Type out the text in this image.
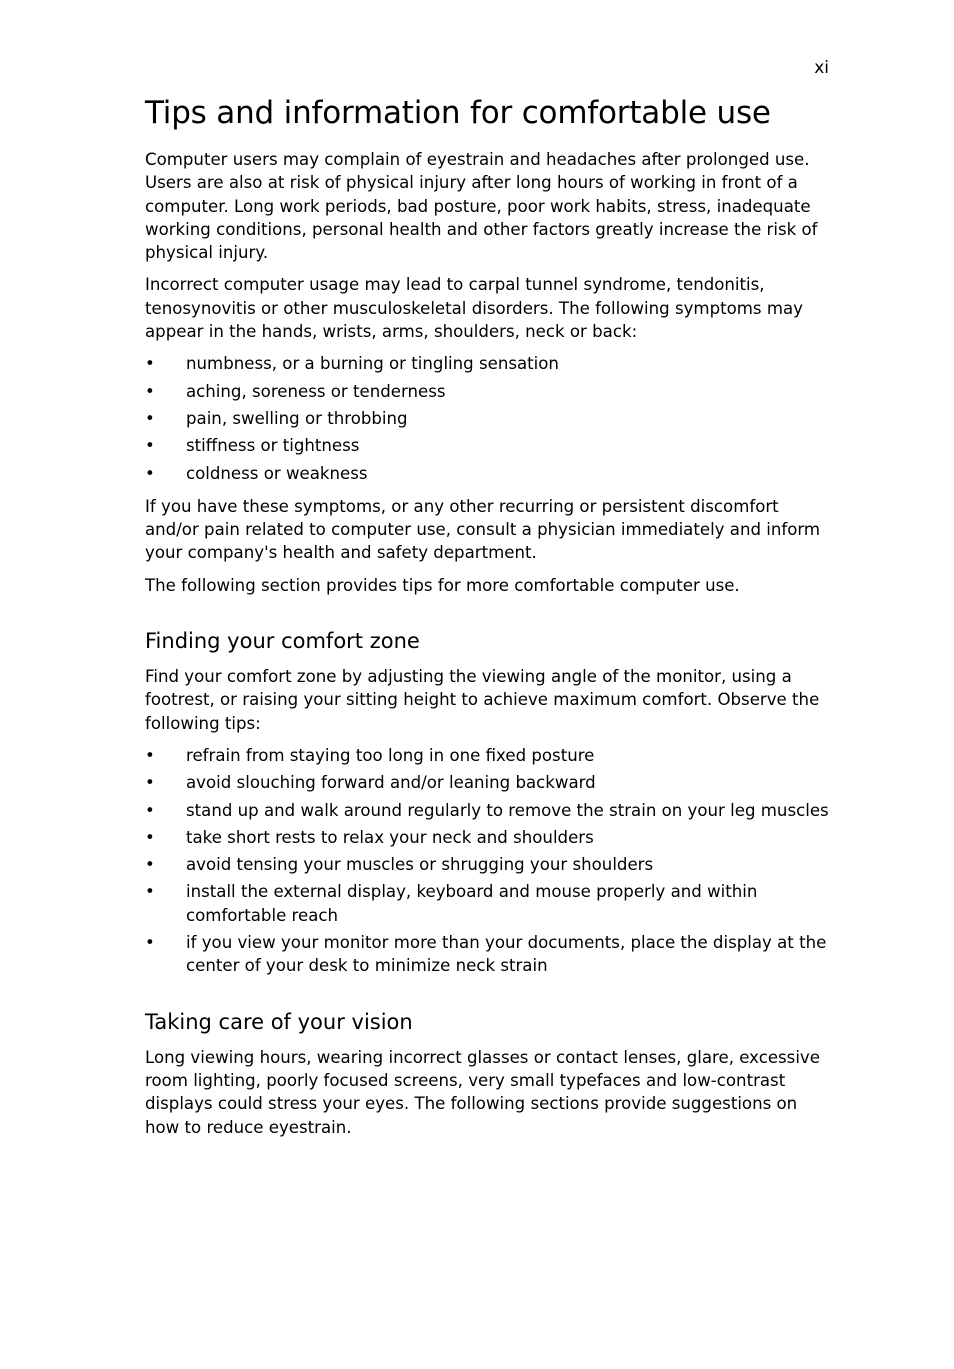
xi
Tips and information for comfortable use

Computer users may complain of eyestrain and headaches after prolonged use. Users are also at risk of physical injury after long hours of working in front of a computer. Long work periods, bad posture, poor work habits, stress, inadequate working conditions, personal health and other factors greatly increase the risk of physical injury.

Incorrect computer usage may lead to carpal tunnel syndrome, tendonitis, tenosynovitis or other musculoskeletal disorders. The following symptoms may appear in the hands, wrists, arms, shoulders, neck or back:

• numbness, or a burning or tingling sensation
• aching, soreness or tenderness
• pain, swelling or throbbing
• stiffness or tightness
• coldness or weakness

If you have these symptoms, or any other recurring or persistent discomfort and/or pain related to computer use, consult a physician immediately and inform your company's health and safety department.

The following section provides tips for more comfortable computer use.

Finding your comfort zone

Find your comfort zone by adjusting the viewing angle of the monitor, using a footrest, or raising your sitting height to achieve maximum comfort. Observe the following tips:

• refrain from staying too long in one fixed posture
• avoid slouching forward and/or leaning backward
• stand up and walk around regularly to remove the strain on your leg muscles
• take short rests to relax your neck and shoulders
• avoid tensing your muscles or shrugging your shoulders
• install the external display, keyboard and mouse properly and within comfortable reach
• if you view your monitor more than your documents, place the display at the center of your desk to minimize neck strain
Taking care of your vision

Long viewing hours, wearing incorrect glasses or contact lenses, glare, excessive room lighting, poorly focused screens, very small typefaces and low-contrast displays could stress your eyes. The following sections provide suggestions on how to reduce eyestrain.
